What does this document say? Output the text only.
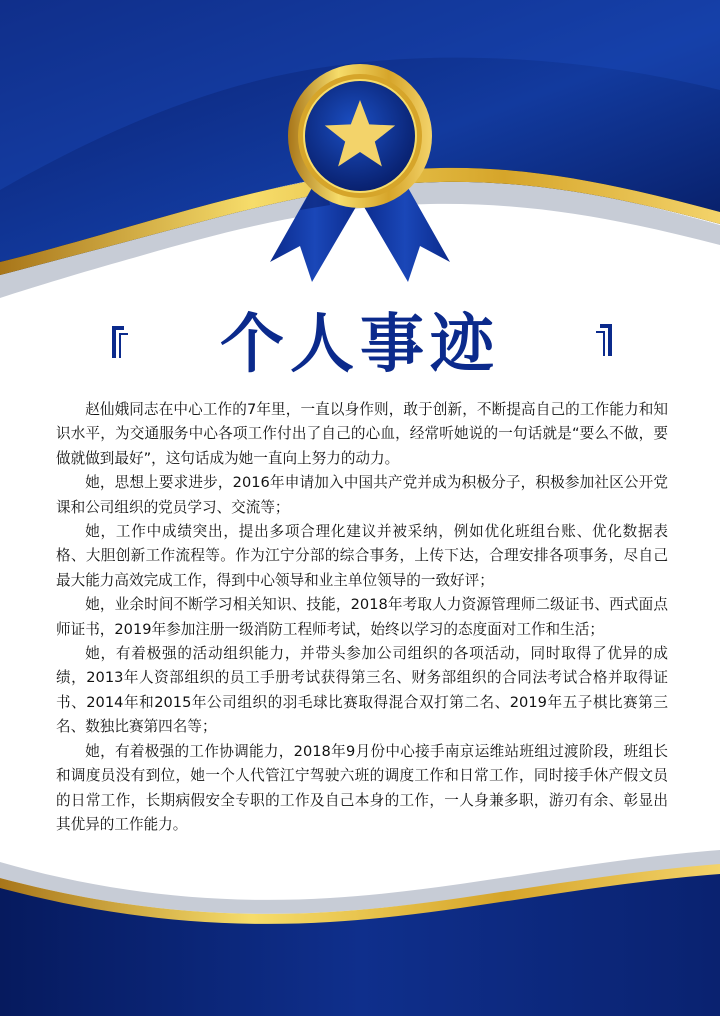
个人事迹

赵仙娥同志在中心工作的7年里，一直以身作则，敢于创新，不断提高自己的工作能力和知识水平，为交通服务中心各项工作付出了自己的心血，经常听她说的一句话就是“要么不做，要做就做到最好”，这句话成为她一直向上努力的动力。

她，思想上要求进步，2016年申请加入中国共产党并成为积极分子，积极参加社区公开党课和公司组织的党员学习、交流等；

她，工作中成绩突出，提出多项合理化建议并被采纳，例如优化班组台账、优化数据表格、大胆创新工作流程等。作为江宁分部的综合事务，上传下达，合理安排各项事务，尽自己最大能力高效完成工作，得到中心领导和业主单位领导的一致好评；

她，业余时间不断学习相关知识、技能，2018年考取人力资源管理师二级证书、西式面点师证书，2019年参加注册一级消防工程师考试，始终以学习的态度面对工作和生活；

她，有着极强的活动组织能力，并带头参加公司组织的各项活动，同时取得了优异的成绩，2013年人资部组织的员工手册考试获得第三名、财务部组织的合同法考试合格并取得证书、2014年和2015年公司组织的羽毛球比赛取得混合双打第二名、2019年五子棋比赛第三名、数独比赛第四名等；

她，有着极强的工作协调能力，2018年9月份中心接手南京运维站班组过渡阶段，班组长和调度员没有到位，她一个人代管江宁驾驶六班的调度工作和日常工作，同时接手休产假文员的日常工作，长期病假安全专职的工作及自己本身的工作，一人身兼多职，游刃有余、彰显出其优异的工作能力。
